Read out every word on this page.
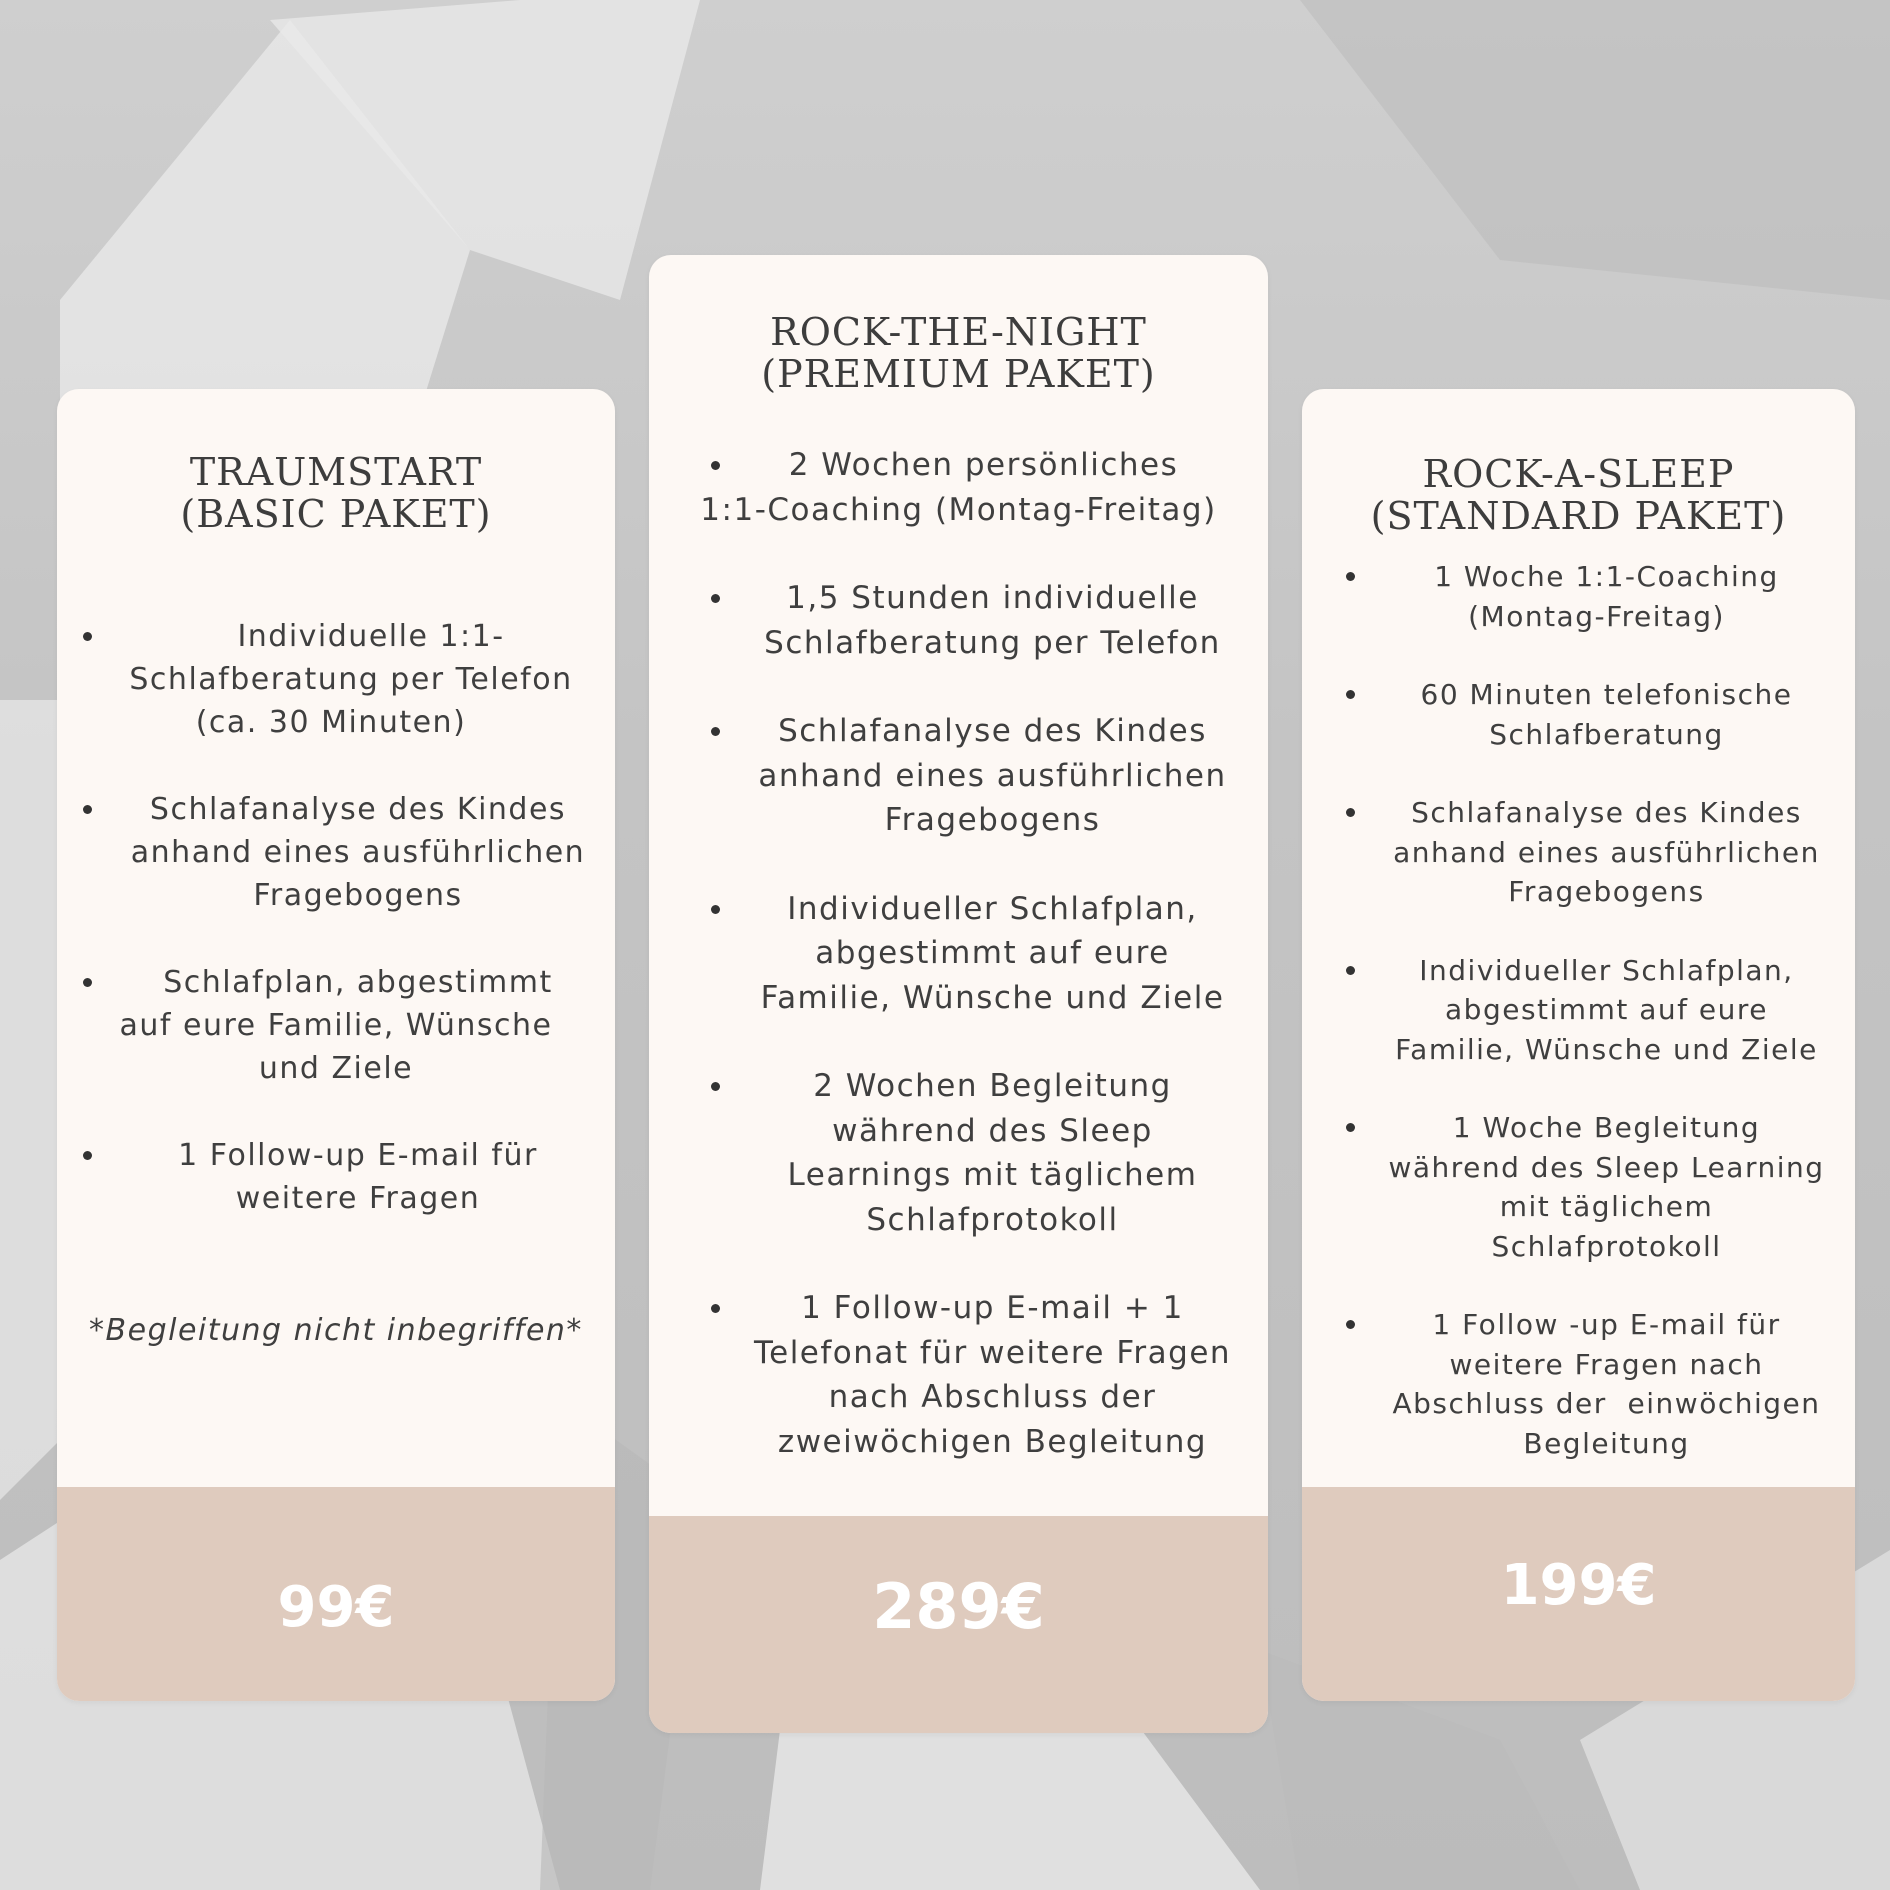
TRAUMSTART
(BASIC PAKET)
Individuelle 1:1-
Schlafberatung per Telefon
(ca. 30 Minuten)
Schlafanalyse des Kindes
anhand eines ausführlichen
Fragebogens
Schlafplan, abgestimmt
auf eure Familie, Wünsche
und Ziele
1 Follow-up E-mail für
weitere Fragen
*Begleitung nicht inbegriffen*
99€
ROCK-THE-NIGHT
(PREMIUM PAKET)
2 Wochen persönliches
1:1-Coaching (Montag-Freitag)
1,5 Stunden individuelle
Schlafberatung per Telefon
Schlafanalyse des Kindes
anhand eines ausführlichen
Fragebogens
Individueller Schlafplan,
abgestimmt auf eure
Familie, Wünsche und Ziele
2 Wochen Begleitung
während des Sleep
Learnings mit täglichem
Schlafprotokoll
1 Follow-up E-mail + 1
Telefonat für weitere Fragen
nach Abschluss der
zweiwöchigen Begleitung
289€
ROCK-A-SLEEP
(STANDARD PAKET)
1 Woche 1:1-Coaching
(Montag-Freitag)
60 Minuten telefonische
Schlafberatung
Schlafanalyse des Kindes
anhand eines ausführlichen
Fragebogens
Individueller Schlafplan,
abgestimmt auf eure
Familie, Wünsche und Ziele
1 Woche Begleitung
während des Sleep Learning
mit täglichem
Schlafprotokoll
1 Follow -up E-mail für
weitere Fragen nach
Abschluss der  einwöchigen
Begleitung
199€
